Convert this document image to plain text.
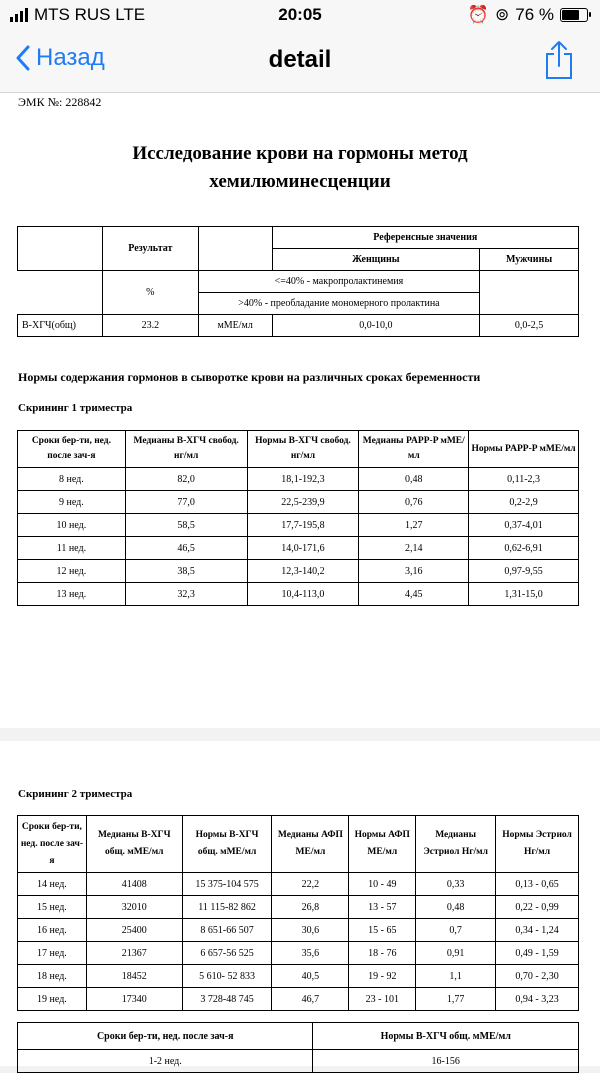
MTS RUS LTE	20:05	⏰ ⊚ 76 %
Назад	detail
ЭМК №: 228842
Исследование крови на гормоны метод
хемилюминесценции
	Результат		Референсные значения	
			Женщины	Мужчины
	%	<=40% - макропролактинемия		
		>40% - преобладание мономерного пролактина		
В-ХГЧ(общ)	23.2	мМЕ/мл	0,0-10,0	0,0-2,5
Нормы содержания гормонов в сыворотке крови на различных сроках беременности
Скрининг 1 триместра
Сроки бер-ти, нед. после зач-я	Медианы В-ХГЧ свобод. нг/мл	Нормы В-ХГЧ свобод. нг/мл	Медианы PAPP-P мМЕ/мл	Нормы PAPP-P мМЕ/мл
8 нед.	82,0	18,1-192,3	0,48	0,11-2,3
9 нед.	77,0	22,5-239,9	0,76	0,2-2,9
10 нед.	58,5	17,7-195,8	1,27	0,37-4,01
11 нед.	46,5	14,0-171,6	2,14	0,62-6,91
12 нед.	38,5	12,3-140,2	3,16	0,97-9,55
13 нед.	32,3	10,4-113,0	4,45	1,31-15,0
Скрининг 2 триместра
Сроки бер-ти, нед. после зач-я	Медианы В-ХГЧ общ. мМЕ/мл	Нормы В-ХГЧ общ. мМЕ/мл	Медианы АФП МЕ/мл	Нормы АФП МЕ/мл	Медианы Эстриол Нг/мл	Нормы Эстриол Нг/мл
14 нед.	41408	15 375-104 575	22,2	10 - 49	0,33	0,13 - 0,65
15 нед.	32010	11 115-82 862	26,8	13 - 57	0,48	0,22 - 0,99
16 нед.	25400	8 651-66 507	30,6	15 - 65	0,7	0,34 - 1,24
17 нед.	21367	6 657-56 525	35,6	18 - 76	0,91	0,49 - 1,59
18 нед.	18452	5 610- 52 833	40,5	19 - 92	1,1	0,70 - 2,30
19 нед.	17340	3 728-48 745	46,7	23 - 101	1,77	0,94 - 3,23
Сроки бер-ти, нед. после зач-я	Нормы В-ХГЧ общ. мМЕ/мл
1-2 нед.	16-156
